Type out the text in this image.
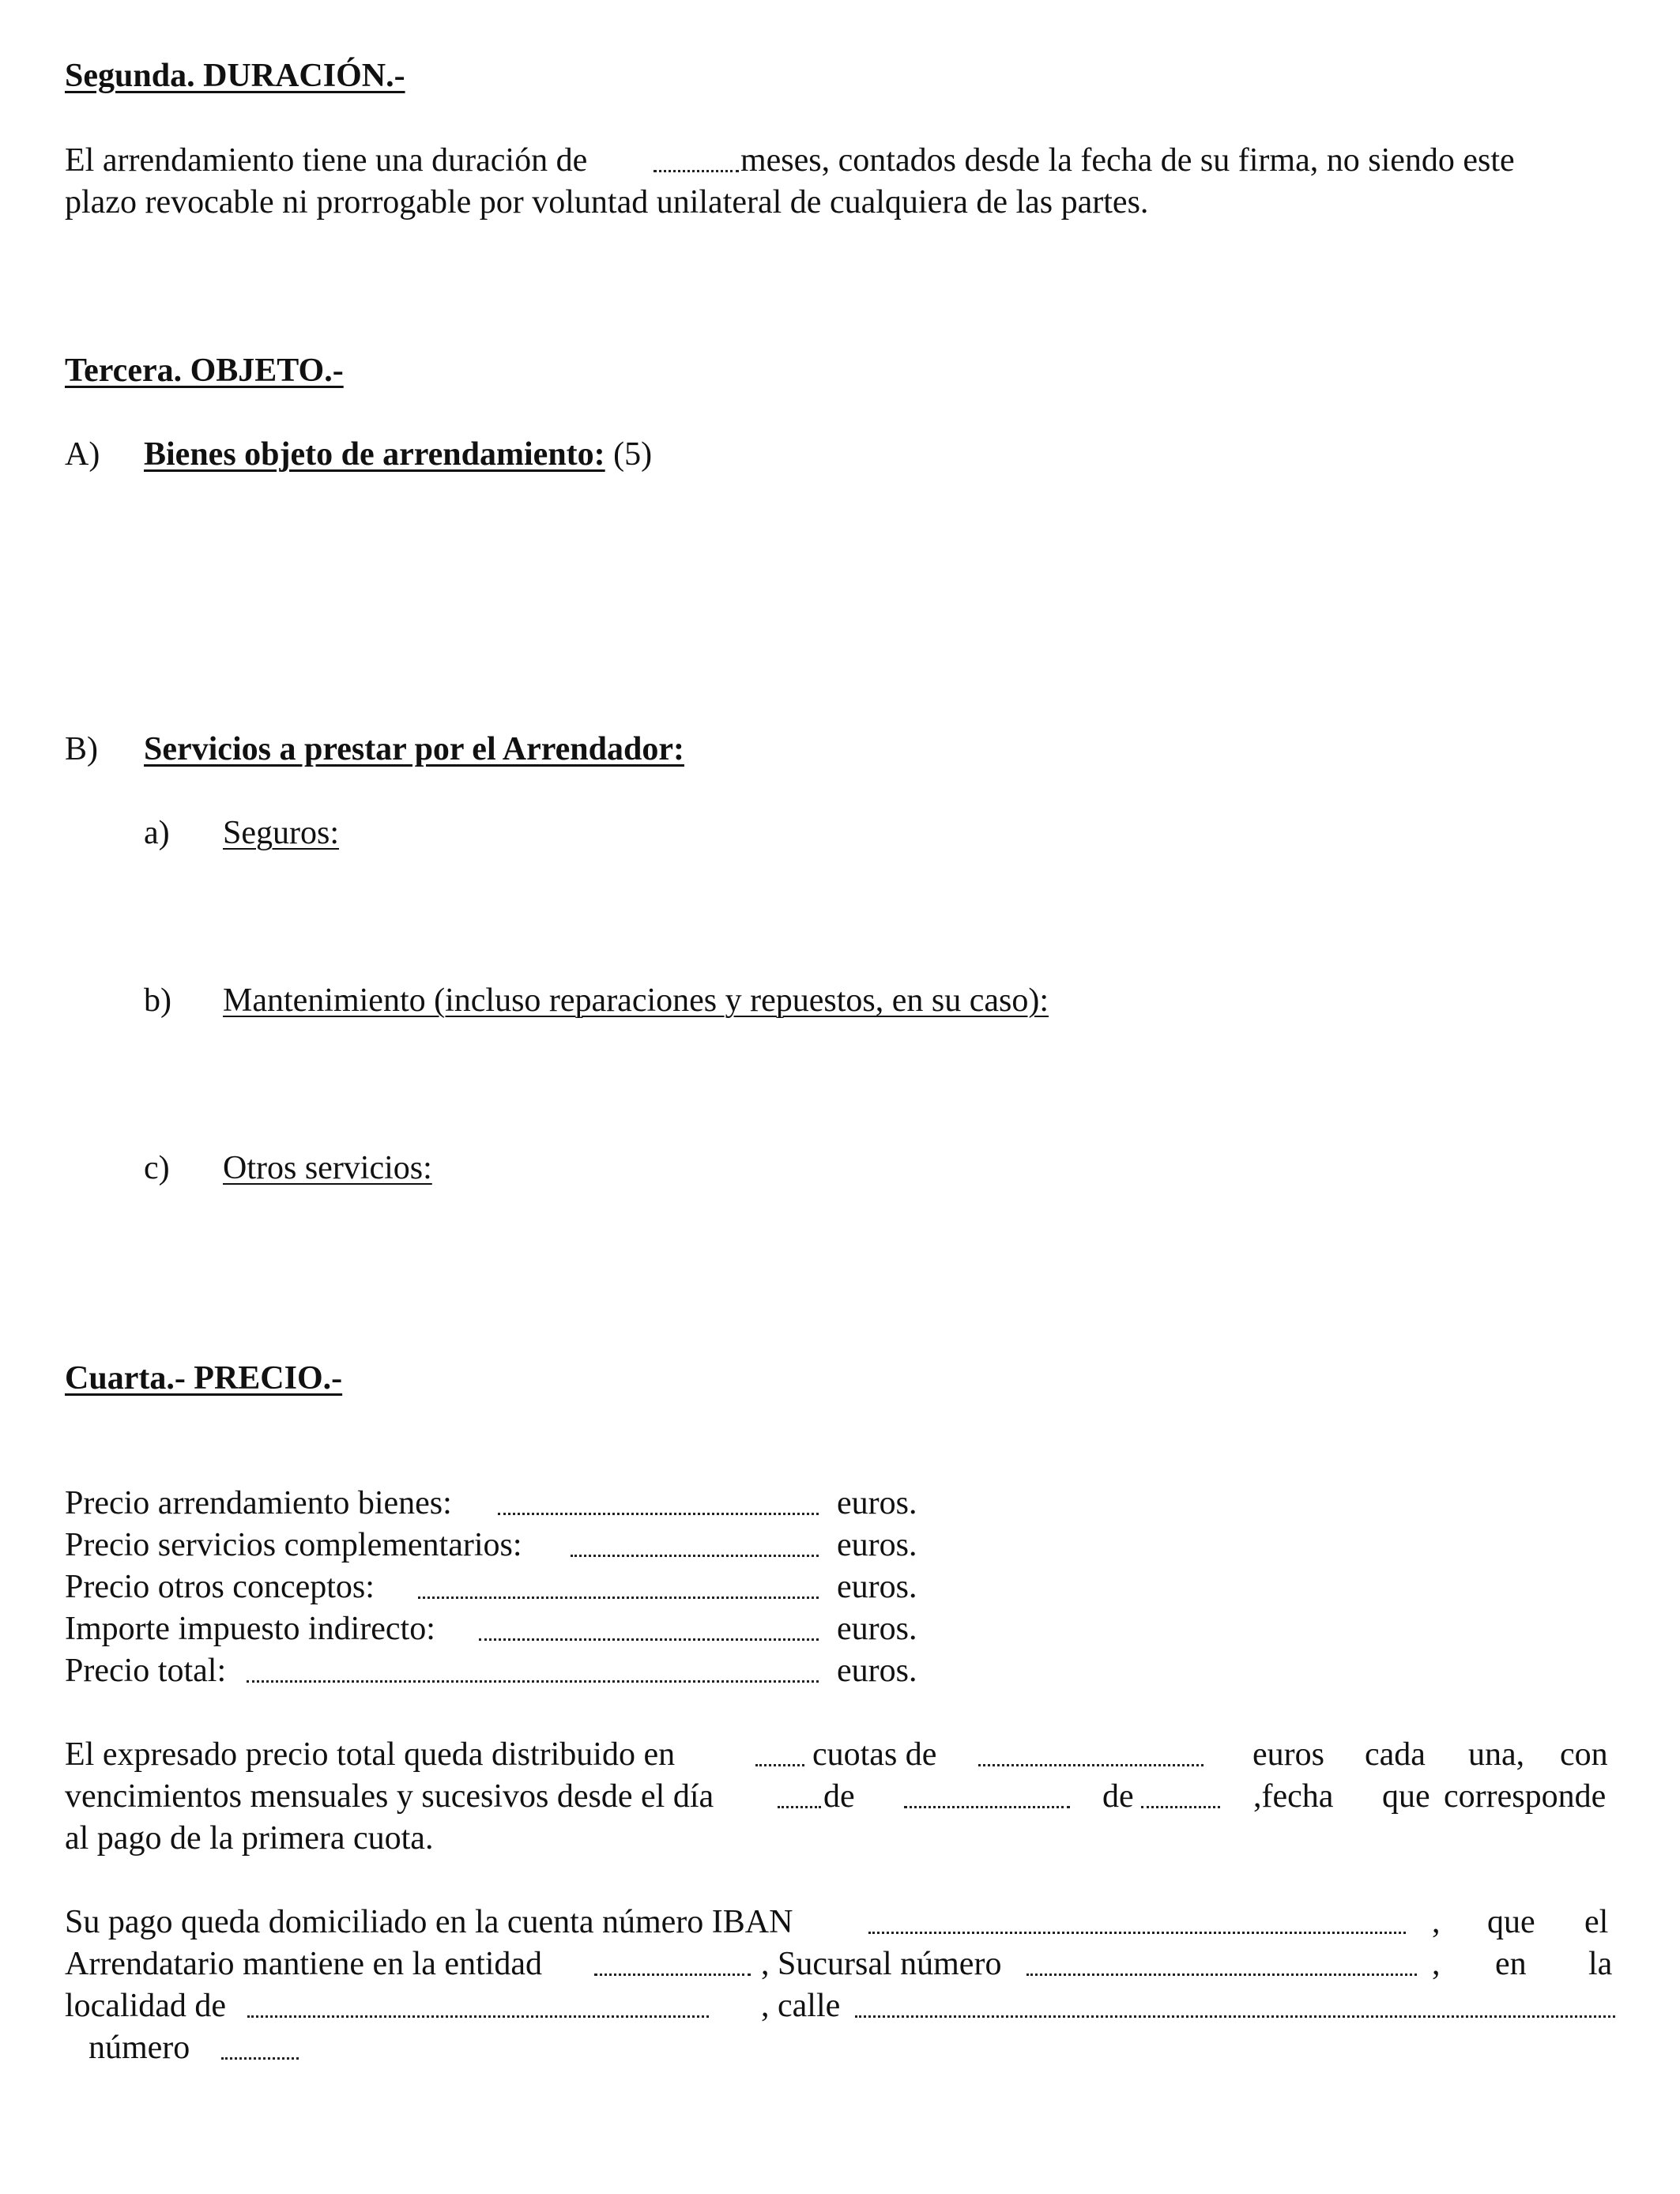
Segunda. DURACIÓN.-
El arrendamiento tiene una duración de	meses, contados desde la fecha de su firma, no siendo este
plazo revocable ni prorrogable por voluntad unilateral de cualquiera de las partes.
Tercera. OBJETO.-
A) Bienes objeto de arrendamiento: (5)
B) Servicios a prestar por el Arrendador:
a) Seguros:
b) Mantenimiento (incluso reparaciones y repuestos, en su caso):
c) Otros servicios:
Cuarta.- PRECIO.-
Precio arrendamiento bienes:	euros.
Precio servicios complementarios:	euros.
Precio otros conceptos:	euros.
Importe impuesto indirecto:	euros.
Precio total:	euros.
El expresado precio total queda distribuido en	cuotas de	euros cada una, con
vencimientos mensuales y sucesivos desde el día	de	de	,fecha que corresponde
al pago de la primera cuota.
Su pago queda domiciliado en la cuenta número IBAN	, que el
Arrendatario mantiene en la entidad	, Sucursal número	, en la
localidad de	, calle
número
